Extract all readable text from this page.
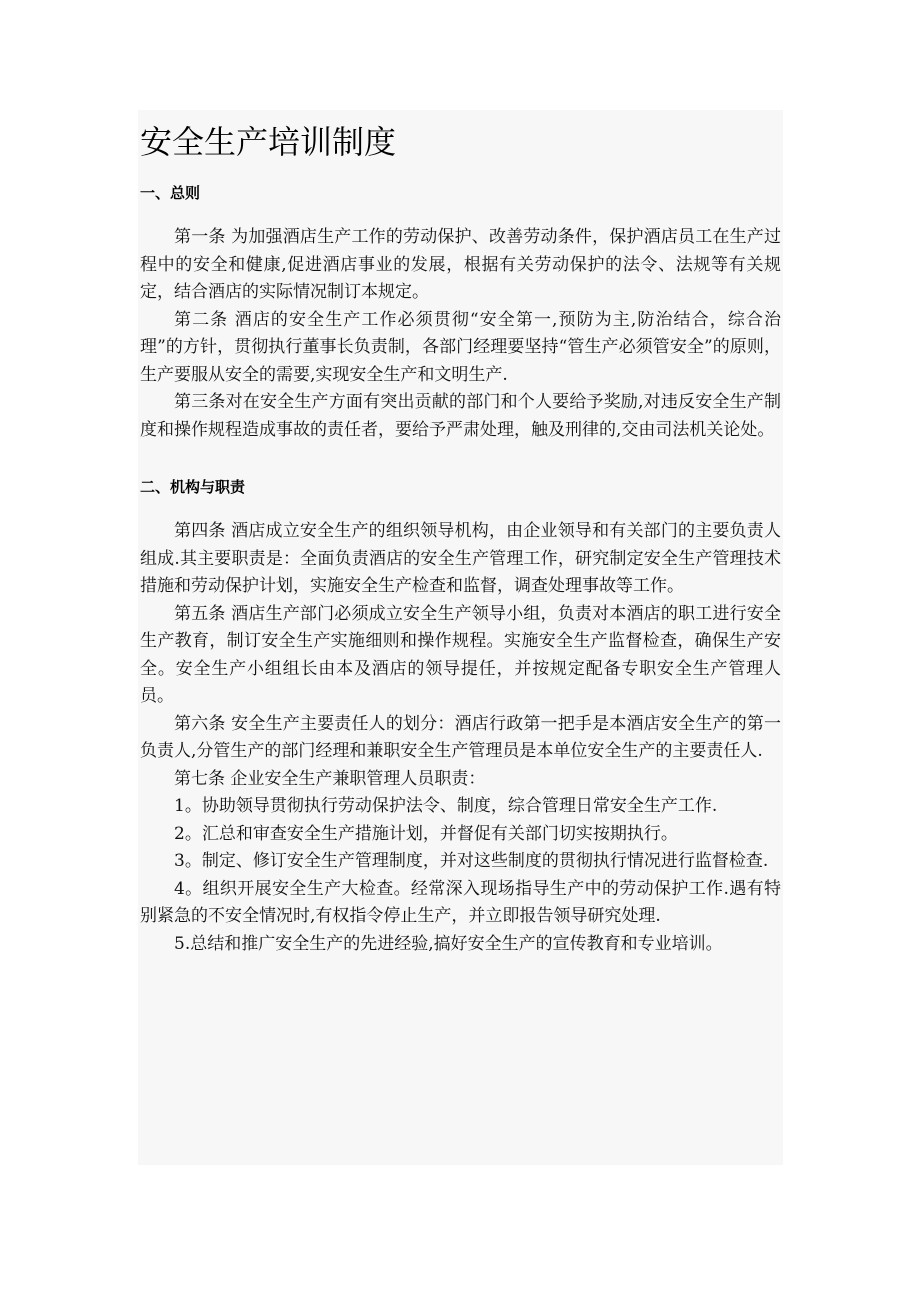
安全生产培训制度
一、总则

第一条 为加强酒店生产工作的劳动保护、改善劳动条件，保护酒店员工在生产过程中的安全和健康,促进酒店事业的发展，根据有关劳动保护的法令、法规等有关规定，结合酒店的实际情况制订本规定。

第二条 酒店的安全生产工作必须贯彻“安全第一,预防为主,防治结合，综合治理”的方针，贯彻执行董事长负责制，各部门经理要坚持“管生产必须管安全”的原则，生产要服从安全的需要,实现安全生产和文明生产.

第三条对在安全生产方面有突出贡献的部门和个人要给予奖励,对违反安全生产制度和操作规程造成事故的责任者，要给予严肃处理，触及刑律的,交由司法机关论处。

二、机构与职责

第四条 酒店成立安全生产的组织领导机构，由企业领导和有关部门的主要负责人组成.其主要职责是：全面负责酒店的安全生产管理工作，研究制定安全生产管理技术措施和劳动保护计划，实施安全生产检查和监督，调查处理事故等工作。

第五条 酒店生产部门必须成立安全生产领导小组，负责对本酒店的职工进行安全生产教育，制订安全生产实施细则和操作规程。实施安全生产监督检查，确保生产安全。安全生产小组组长由本及酒店的领导提任，并按规定配备专职安全生产管理人员。

第六条 安全生产主要责任人的划分：酒店行政第一把手是本酒店安全生产的第一负责人,分管生产的部门经理和兼职安全生产管理员是本单位安全生产的主要责任人.

第七条 企业安全生产兼职管理人员职责：

1。协助领导贯彻执行劳动保护法令、制度，综合管理日常安全生产工作.

2。汇总和审查安全生产措施计划，并督促有关部门切实按期执行。

3。制定、修订安全生产管理制度，并对这些制度的贯彻执行情况进行监督检查.

4。组织开展安全生产大检查。经常深入现场指导生产中的劳动保护工作.遇有特别紧急的不安全情况时,有权指令停止生产，并立即报告领导研究处理.

5.总结和推广安全生产的先进经验,搞好安全生产的宣传教育和专业培训。
